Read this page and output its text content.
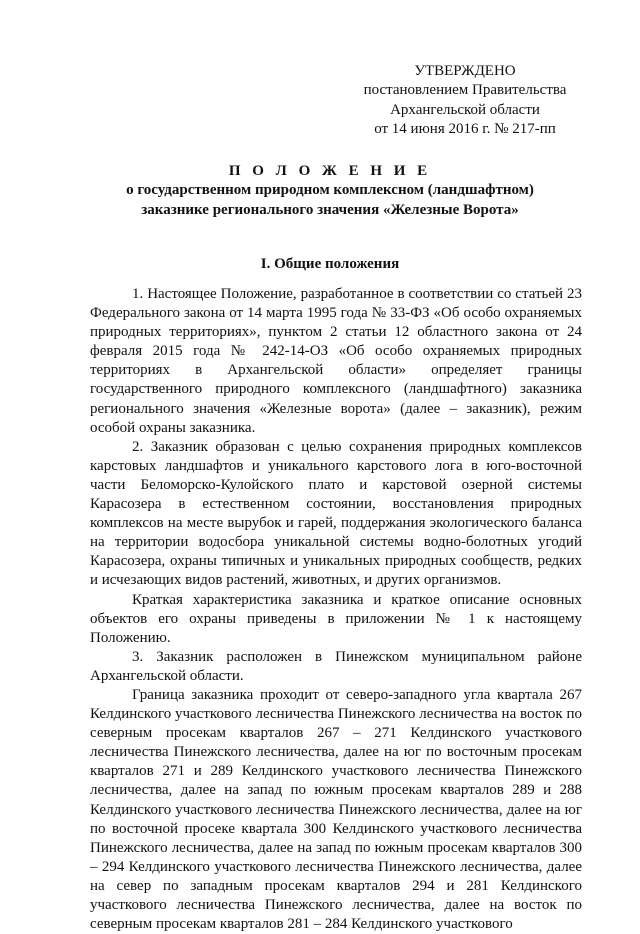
УТВЕРЖДЕНО
постановлением Правительства
Архангельской области
от 14 июня 2016 г. № 217-пп
П О Л О Ж Е Н И Е
о государственном природном комплексном (ландшафтном)
заказнике регионального значения «Железные Ворота»
I. Общие положения

1. Настоящее Положение, разработанное в соответствии со статьей 23 Федерального закона от 14 марта 1995 года № 33-ФЗ «Об особо охраняемых природных территориях», пунктом 2 статьи 12 областного закона от 24 февраля 2015 года № 242-14-ОЗ «Об особо охраняемых природных территориях в Архангельской области» определяет границы государственного природного комплексного (ландшафтного) заказника регионального значения «Железные ворота» (далее – заказник), режим особой охраны заказника.

2. Заказник образован с целью сохранения природных комплексов карстовых ландшафтов и уникального карстового лога в юго-восточной части Беломорско-Кулойского плато и карстовой озерной системы Карасозера в естественном состоянии, восстановления природных комплексов на месте вырубок и гарей, поддержания экологического баланса на территории водосбора уникальной системы водно-болотных угодий Карасозера, охраны типичных и уникальных природных сообществ, редких и исчезающих видов растений, животных, и других организмов.

Краткая характеристика заказника и краткое описание основных объектов его охраны приведены в приложении № 1 к настоящему Положению.

3. Заказник расположен в Пинежском муниципальном районе Архангельской области.

Граница заказника проходит от северо-западного угла квартала 267 Келдинского участкового лесничества Пинежского лесничества на восток по северным просекам кварталов 267 – 271 Келдинского участкового лесничества Пинежского лесничества, далее на юг по восточным просекам кварталов 271 и 289 Келдинского участкового лесничества Пинежского лесничества, далее на запад по южным просекам кварталов 289 и 288 Келдинского участкового лесничества Пинежского лесничества, далее на юг по восточной просеке квартала 300 Келдинского участкового лесничества Пинежского лесничества, далее на запад по южным просекам кварталов 300 – 294 Келдинского участкового лесничества Пинежского лесничества, далее на север по западным просекам кварталов 294 и 281 Келдинского участкового лесничества Пинежского лесничества, далее на восток по северным просекам кварталов 281 – 284 Келдинского участкового
